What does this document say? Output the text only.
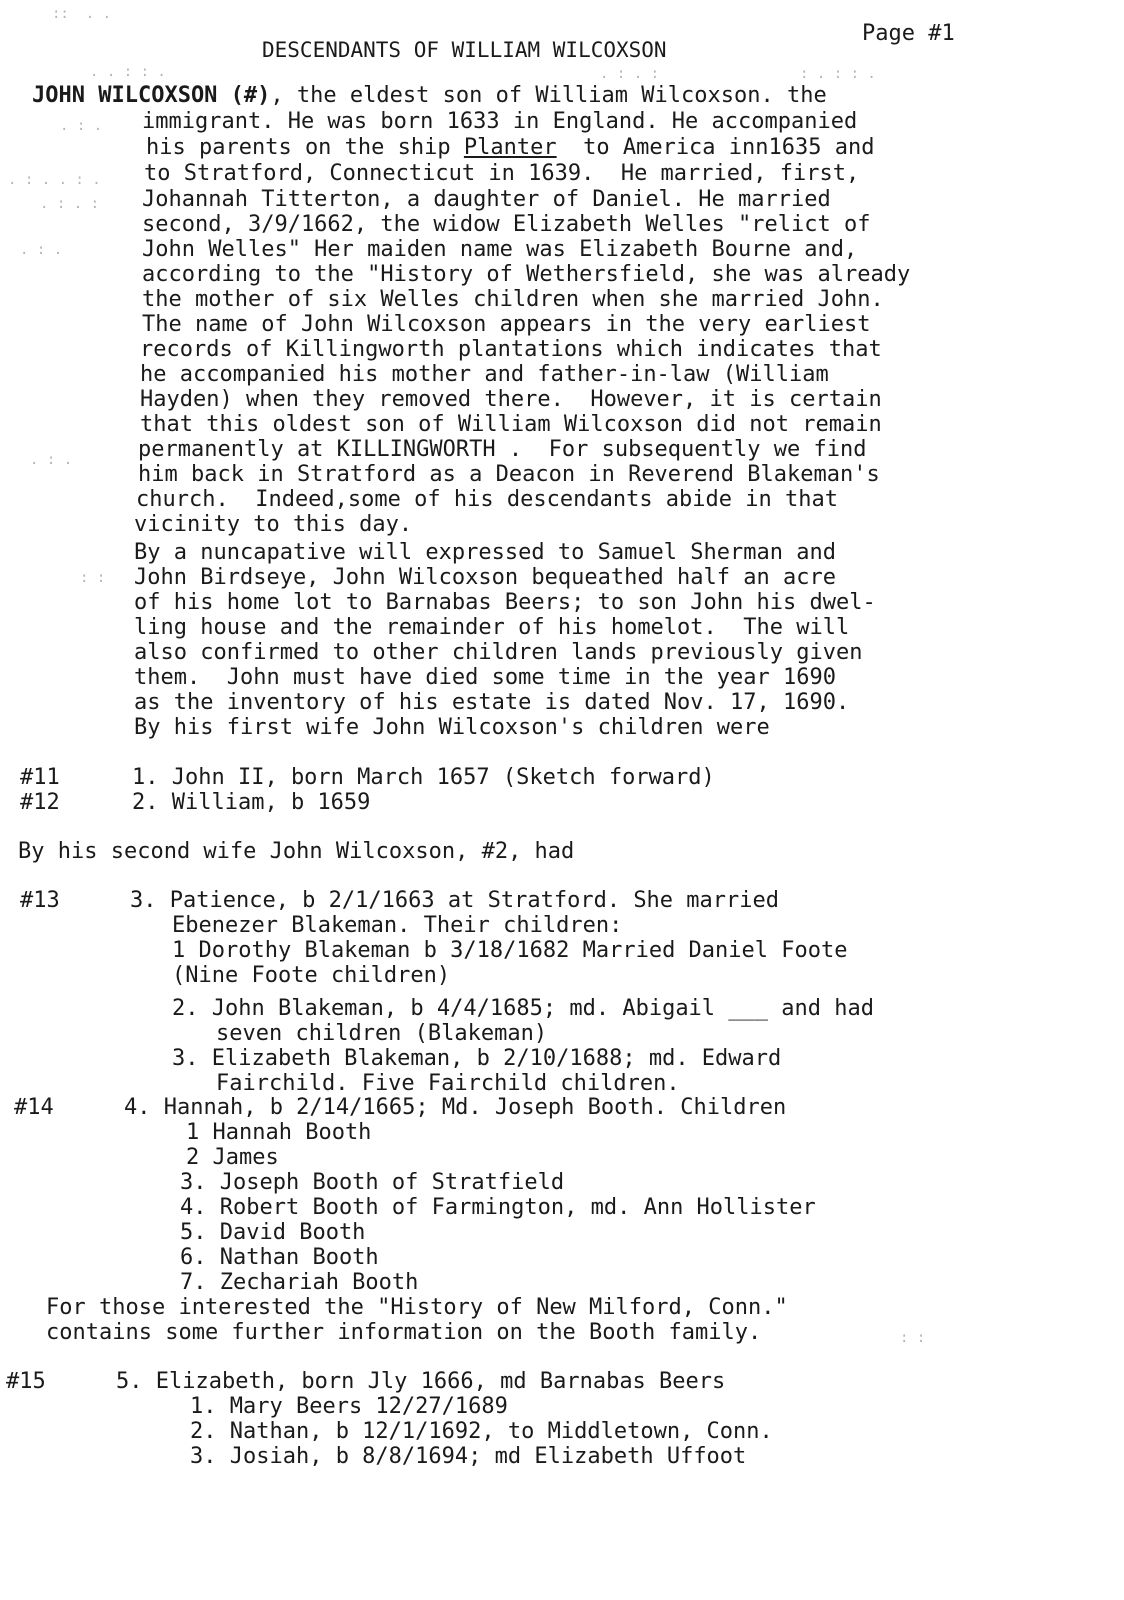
Page #1
DESCENDANTS OF WILLIAM WILCOXSON
::  . .
. . : : .	. : . :	: . : : .
. : .
. : . . : .
. : . :
. : .
. : .
: :
: :
JOHN WILCOXSON (#), the eldest son of William Wilcoxson. the
immigrant. He was born 1633 in England. He accompanied
his parents on the ship Planter  to America inn1635 and
to Stratford, Connecticut in 1639.  He married, first,
Johannah Titterton, a daughter of Daniel. He married
second, 3/9/1662, the widow Elizabeth Welles "relict of
John Welles" Her maiden name was Elizabeth Bourne and,
according to the "History of Wethersfield, she was already
the mother of six Welles children when she married John.
The name of John Wilcoxson appears in the very earliest
records of Killingworth plantations which indicates that
he accompanied his mother and father-in-law (William
Hayden) when they removed there.  However, it is certain
that this oldest son of William Wilcoxson did not remain
permanently at KILLINGWORTH .  For subsequently we find
him back in Stratford as a Deacon in Reverend Blakeman's
church.  Indeed,some of his descendants abide in that
vicinity to this day.
By a nuncapative will expressed to Samuel Sherman and
John Birdseye, John Wilcoxson bequeathed half an acre
of his home lot to Barnabas Beers; to son John his dwel-
ling house and the remainder of his homelot.  The will
also confirmed to other children lands previously given
them.  John must have died some time in the year 1690
as the inventory of his estate is dated Nov. 17, 1690.
By his first wife John Wilcoxson's children were
#11	1. John II, born March 1657 (Sketch forward)
#12	2. William, b 1659
By his second wife John Wilcoxson, #2, had
#13	3. Patience, b 2/1/1663 at Stratford. She married
Ebenezer Blakeman. Their children:
1 Dorothy Blakeman b 3/18/1682 Married Daniel Foote
(Nine Foote children)
2. John Blakeman, b 4/4/1685; md. Abigail ___ and had
seven children (Blakeman)
3. Elizabeth Blakeman, b 2/10/1688; md. Edward
Fairchild. Five Fairchild children.
#14	4. Hannah, b 2/14/1665; Md. Joseph Booth. Children
1 Hannah Booth
2 James
3. Joseph Booth of Stratfield
4. Robert Booth of Farmington, md. Ann Hollister
5. David Booth
6. Nathan Booth
7. Zechariah Booth
For those interested the "History of New Milford, Conn."
contains some further information on the Booth family.
#15	5. Elizabeth, born Jly 1666, md Barnabas Beers
1. Mary Beers 12/27/1689
2. Nathan, b 12/1/1692, to Middletown, Conn.
3. Josiah, b 8/8/1694; md Elizabeth Uffoot
